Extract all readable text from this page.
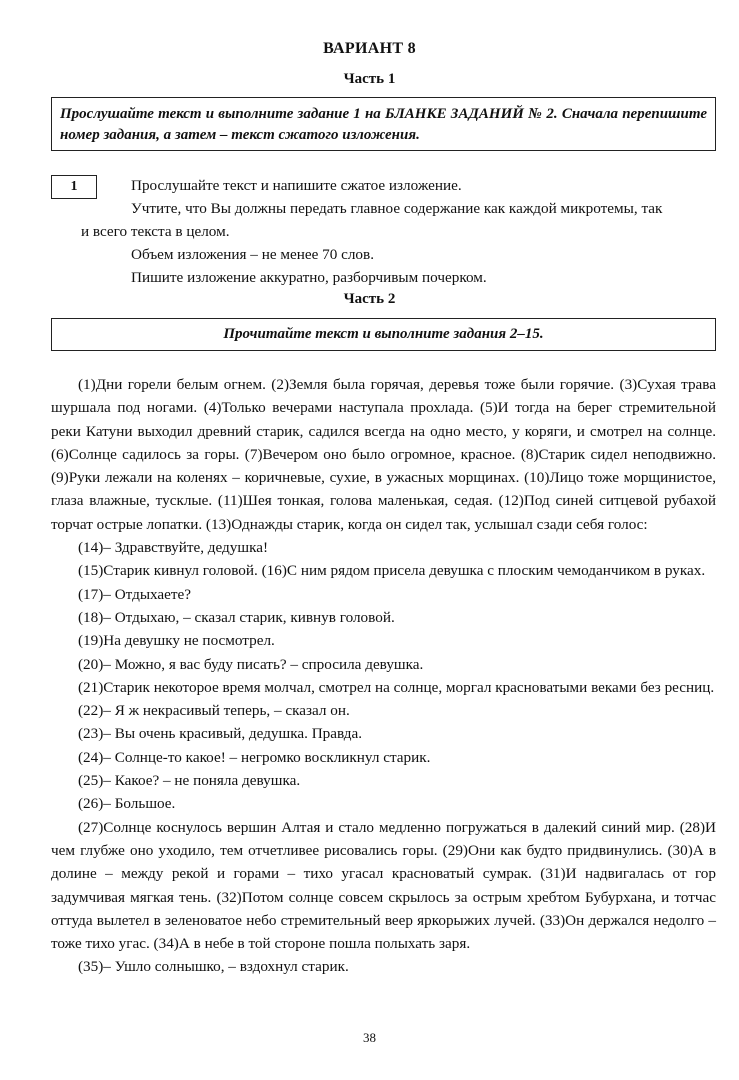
ВАРИАНТ 8
Часть 1
Прослушайте текст и выполните задание 1 на БЛАНКЕ ЗАДАНИЙ № 2. Сначала перепишите номер задания, а затем – текст сжатого изложения.
1	Прослушайте текст и напишите сжатое изложение.

Учтите, что Вы должны передать главное содержание как каждой микротемы, так

и всего текста в целом.

Объем изложения – не менее 70 слов.

Пишите изложение аккуратно, разборчивым почерком.

Часть 2
Прочитайте текст и выполните задания 2–15.

(1)Дни горели белым огнем. (2)Земля была горячая, деревья тоже были горячие. (3)Сухая трава шуршала под ногами. (4)Только вечерами наступала прохлада. (5)И тогда на берег стремительной реки Катуни выходил древний старик, садился всегда на одно место, у коряги, и смотрел на солнце. (6)Солнце садилось за горы. (7)Вечером оно было огромное, красное. (8)Старик сидел неподвижно. (9)Руки лежали на коленях – коричневые, сухие, в ужасных морщинах. (10)Лицо тоже морщинистое, глаза влажные, тусклые. (11)Шея тонкая, голова маленькая, седая. (12)Под синей ситцевой рубахой торчат острые лопатки. (13)Однажды старик, когда он сидел так, услышал сзади себя голос:

(14)– Здравствуйте, дедушка!

(15)Старик кивнул головой. (16)С ним рядом присела девушка с плоским чемоданчиком в руках.

(17)– Отдыхаете?

(18)– Отдыхаю, – сказал старик, кивнув головой.

(19)На девушку не посмотрел.

(20)– Можно, я вас буду писать? – спросила девушка.

(21)Старик некоторое время молчал, смотрел на солнце, моргал красноватыми веками без ресниц.

(22)– Я ж некрасивый теперь, – сказал он.

(23)– Вы очень красивый, дедушка. Правда.

(24)– Солнце-то какое! – негромко воскликнул старик.

(25)– Какое? – не поняла девушка.

(26)– Большое.

(27)Солнце коснулось вершин Алтая и стало медленно погружаться в далекий синий мир. (28)И чем глубже оно уходило, тем отчетливее рисовались горы. (29)Они как будто придвинулись. (30)А в долине – между рекой и горами – тихо угасал красноватый сумрак. (31)И надвигалась от гор задумчивая мягкая тень. (32)Потом солнце совсем скрылось за острым хребтом Бубурхана, и тотчас оттуда вылетел в зеленоватое небо стремительный веер яркорыжих лучей. (33)Он держался недолго – тоже тихо угас. (34)А в небе в той стороне пошла полыхать заря.

(35)– Ушло солнышко, – вздохнул старик.

38
